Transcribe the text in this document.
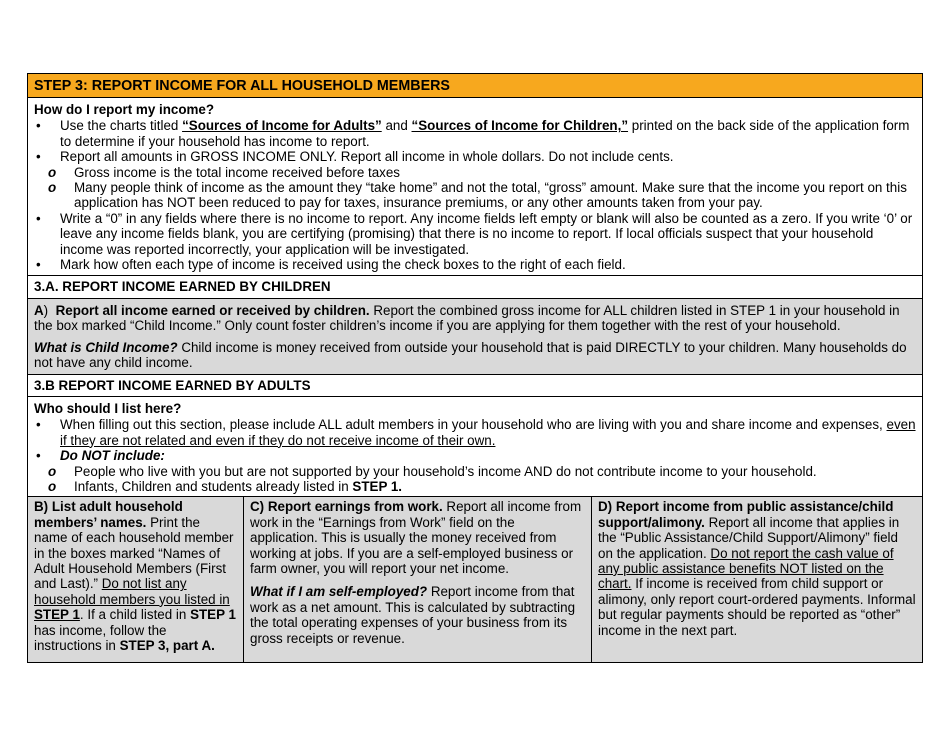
STEP 3: REPORT INCOME FOR ALL HOUSEHOLD MEMBERS
How do I report my income?
• Use the charts titled “Sources of Income for Adults” and “Sources of Income for Children,” printed on the back side of the application form to determine if your household has income to report.
• Report all amounts in GROSS INCOME ONLY. Report all income in whole dollars. Do not include cents.
o Gross income is the total income received before taxes
o Many people think of income as the amount they “take home” and not the total, “gross” amount. Make sure that the income you report on this application has NOT been reduced to pay for taxes, insurance premiums, or any other amounts taken from your pay.
• Write a “0” in any fields where there is no income to report. Any income fields left empty or blank will also be counted as a zero. If you write ‘0’ or leave any income fields blank, you are certifying (promising) that there is no income to report. If local officials suspect that your household income was reported incorrectly, your application will be investigated.
• Mark how often each type of income is received using the check boxes to the right of each field.
3.A. REPORT INCOME EARNED BY CHILDREN

A)  Report all income earned or received by children. Report the combined gross income for ALL children listed in STEP 1 in your household in the box marked “Child Income.” Only count foster children’s income if you are applying for them together with the rest of your household.

What is Child Income? Child income is money received from outside your household that is paid DIRECTLY to your children. Many households do not have any child income.

3.B REPORT INCOME EARNED BY ADULTS
Who should I list here?
• When filling out this section, please include ALL adult members in your household who are living with you and share income and expenses, even if they are not related and even if they do not receive income of their own.
• Do NOT include:
o People who live with you but are not supported by your household’s income AND do not contribute income to your household.
o Infants, Children and students already listed in STEP 1.
B) List adult household members’ names. Print the name of each household member in the boxes marked “Names of Adult Household Members (First and Last).” Do not list any household members you listed in STEP 1. If a child listed in STEP 1 has income, follow the instructions in STEP 3, part A.

C) Report earnings from work. Report all income from work in the “Earnings from Work” field on the application. This is usually the money received from working at jobs. If you are a self-employed business or farm owner, you will report your net income.

What if I am self-employed? Report income from that work as a net amount. This is calculated by subtracting the total operating expenses of your business from its gross receipts or revenue.

D) Report income from public assistance/child support/alimony. Report all income that applies in the “Public Assistance/Child Support/Alimony” field on the application. Do not report the cash value of any public assistance benefits NOT listed on the chart. If income is received from child support or alimony, only report court-ordered payments. Informal but regular payments should be reported as “other” income in the next part.
